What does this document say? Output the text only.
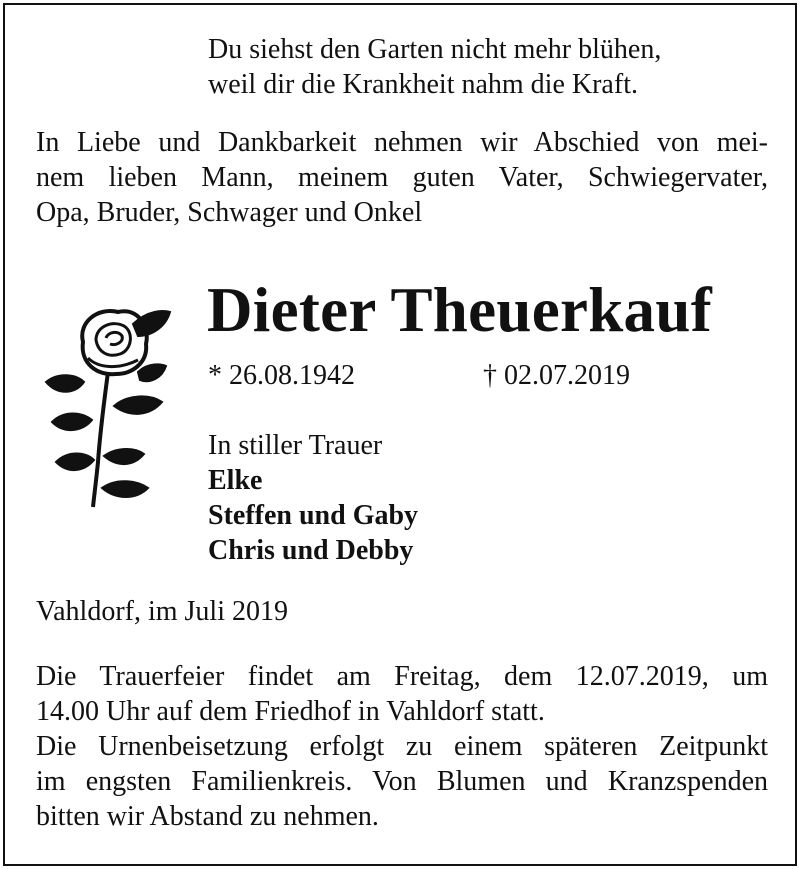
Du siehst den Garten nicht mehr blühen,
weil dir die Krankheit nahm die Kraft.
In Liebe und Dankbarkeit nehmen wir Abschied von mei-
nem lieben Mann, meinem guten Vater, Schwiegervater,
Opa, Bruder, Schwager und Onkel
Dieter Theuerkauf
* 26.08.1942	† 02.07.2019
In stiller Trauer
Elke
Steffen und Gaby
Chris und Debby
Vahldorf, im Juli 2019
Die Trauerfeier findet am Freitag, dem 12.07.2019, um
14.00 Uhr auf dem Friedhof in Vahldorf statt.
Die Urnenbeisetzung erfolgt zu einem späteren Zeitpunkt
im engsten Familienkreis. Von Blumen und Kranzspenden
bitten wir Abstand zu nehmen.
